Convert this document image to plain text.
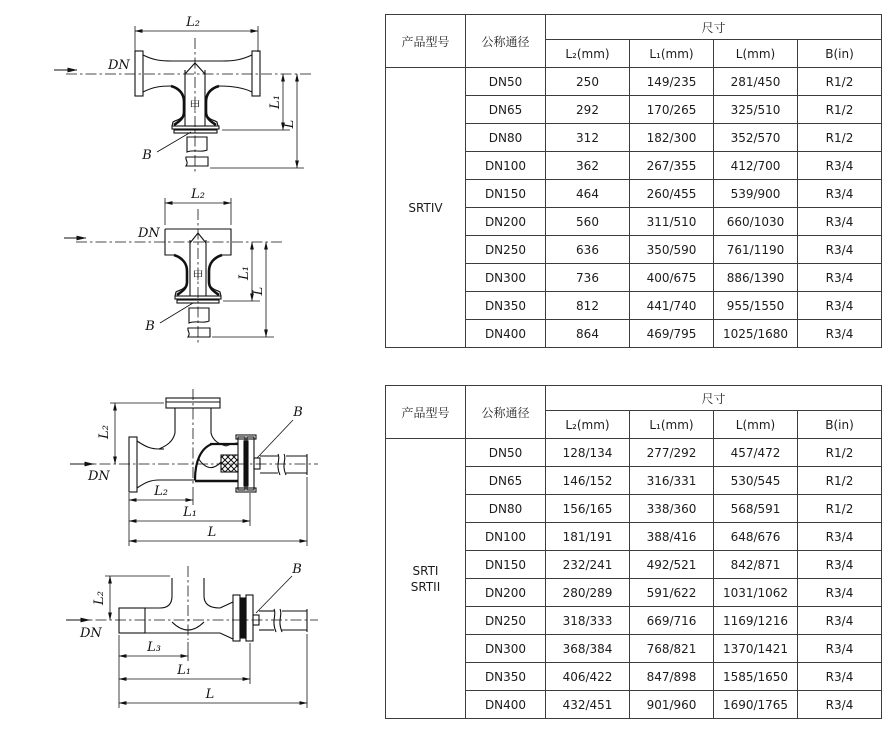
L₂
DN
甲	L₁
L
B
L₂
DN
甲	L₁
L
B
L₂
B
DN
L₂
L₁
L
L₂
B
DN
L₃
L₁
L
产品型号	公称通径	尺寸			
		L₂(mm)	L₁(mm)	L(mm)	B(in)

SRTIV	DN50	250	149/235	281/450	R1/2
	DN65	292	170/265	325/510	R1/2
	DN80	312	182/300	352/570	R1/2
	DN100	362	267/355	412/700	R3/4
	DN150	464	260/455	539/900	R3/4
	DN200	560	311/510	660/1030	R3/4
	DN250	636	350/590	761/1190	R3/4
	DN300	736	400/675	886/1390	R3/4
	DN350	812	441/740	955/1550	R3/4
	DN400	864	469/795	1025/1680	R3/4
产品型号	公称通径	尺寸			
		L₂(mm)	L₁(mm)	L(mm)	B(in)

SRTI
SRTII	DN50	128/134	277/292	457/472	R1/2
	DN65	146/152	316/331	530/545	R1/2
	DN80	156/165	338/360	568/591	R1/2
	DN100	181/191	388/416	648/676	R3/4
	DN150	232/241	492/521	842/871	R3/4
	DN200	280/289	591/622	1031/1062	R3/4
	DN250	318/333	669/716	1169/1216	R3/4
	DN300	368/384	768/821	1370/1421	R3/4
	DN350	406/422	847/898	1585/1650	R3/4
	DN400	432/451	901/960	1690/1765	R3/4
